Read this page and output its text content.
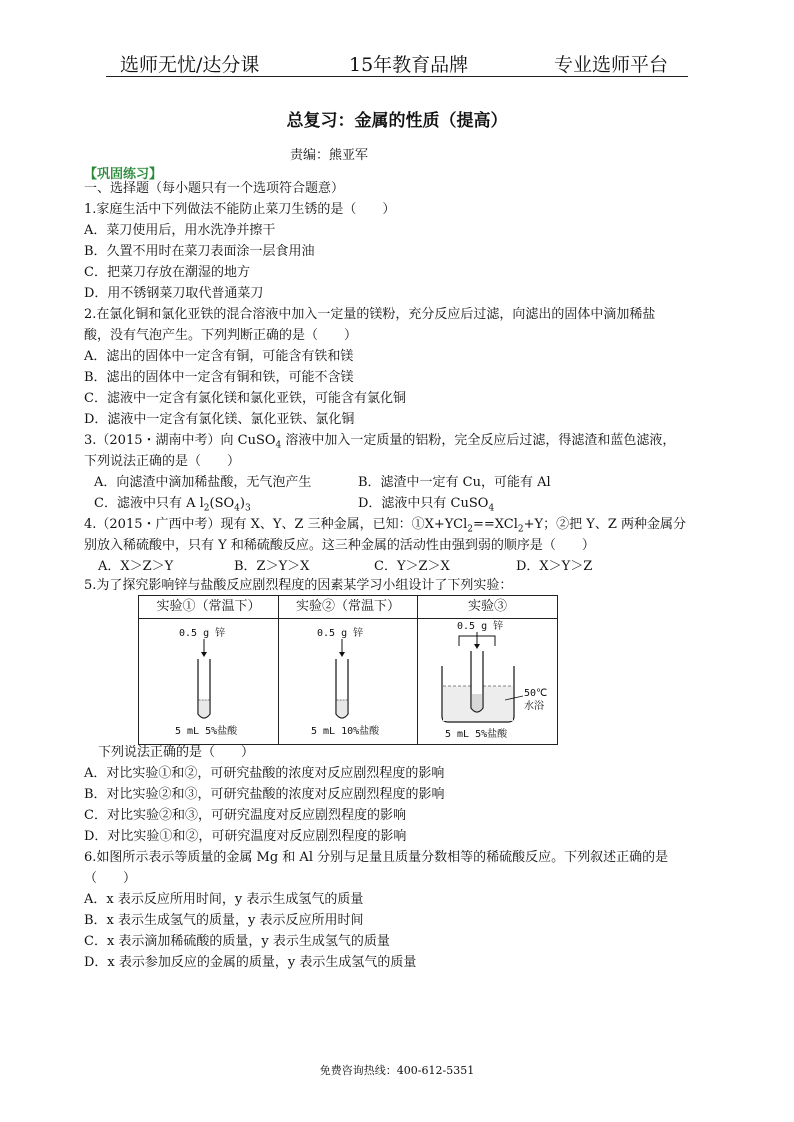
选师无忧/达分课	15年教育品牌	专业选师平台
总复习：金属的性质（提高）
责编：熊亚军
【巩固练习】
一、选择题（每小题只有一个选项符合题意）
1.家庭生活中下列做法不能防止菜刀生锈的是（　　）
A．菜刀使用后，用水洗净并擦干
B．久置不用时在菜刀表面涂一层食用油
C．把菜刀存放在潮湿的地方
D．用不锈钢菜刀取代普通菜刀
2.在氯化铜和氯化亚铁的混合溶液中加入一定量的镁粉，充分反应后过滤，向滤出的固体中滴加稀盐
酸，没有气泡产生。下列判断正确的是（　　）
A．滤出的固体中一定含有铜，可能含有铁和镁
B．滤出的固体中一定含有铜和铁，可能不含镁
C．滤液中一定含有氯化镁和氯化亚铁，可能含有氯化铜
D．滤液中一定含有氯化镁、氯化亚铁、氯化铜
3.（2015・湖南中考）向 CuSO$_4$ 溶液中加入一定质量的铝粉，完全反应后过滤，得滤渣和蓝色滤液，
下列说法正确的是（　　）
A．向滤渣中滴加稀盐酸，无气泡产生	B．滤渣中一定有 Cu，可能有 Al
C．滤液中只有 A $l_2(SO_4)_3$	D．滤液中只有 CuSO$_4$
4.（2015・广西中考）现有 X、Y、Z 三种金属，已知：①X+YCl$_2$==XCl$_2$+Y；②把 Y、Z 两种金属分
别放入稀硫酸中，只有 Y 和稀硫酸反应。这三种金属的活动性由强到弱的顺序是（　　）
A．X＞Z＞Y	B．Z＞Y＞X	C．Y＞Z＞X	D．X＞Y＞Z
5.为了探究影响锌与盐酸反应剧烈程度的因素某学习小组设计了下列实验：
实验①（常温下）	实验②（常温下）	实验③
0.5 g 锌
5 mL 5%盐酸
0.5 g 锌
5 mL 10%盐酸
0.5 g 锌
50℃
水浴
5 mL 5%盐酸
下列说法正确的是（　　）
A．对比实验①和②，可研究盐酸的浓度对反应剧烈程度的影响
B．对比实验②和③，可研究盐酸的浓度对反应剧烈程度的影响
C．对比实验②和③，可研究温度对反应剧烈程度的影响
D．对比实验①和②，可研究温度对反应剧烈程度的影响
6.如图所示表示等质量的金属 Mg 和 Al 分别与足量且质量分数相等的稀硫酸反应。下列叙述正确的是
（　　）
A．x 表示反应所用时间，y 表示生成氢气的质量
B．x 表示生成氢气的质量，y 表示反应所用时间
C．x 表示滴加稀硫酸的质量，y 表示生成氢气的质量
D．x 表示参加反应的金属的质量，y 表示生成氢气的质量
免费咨询热线：400-612-5351
